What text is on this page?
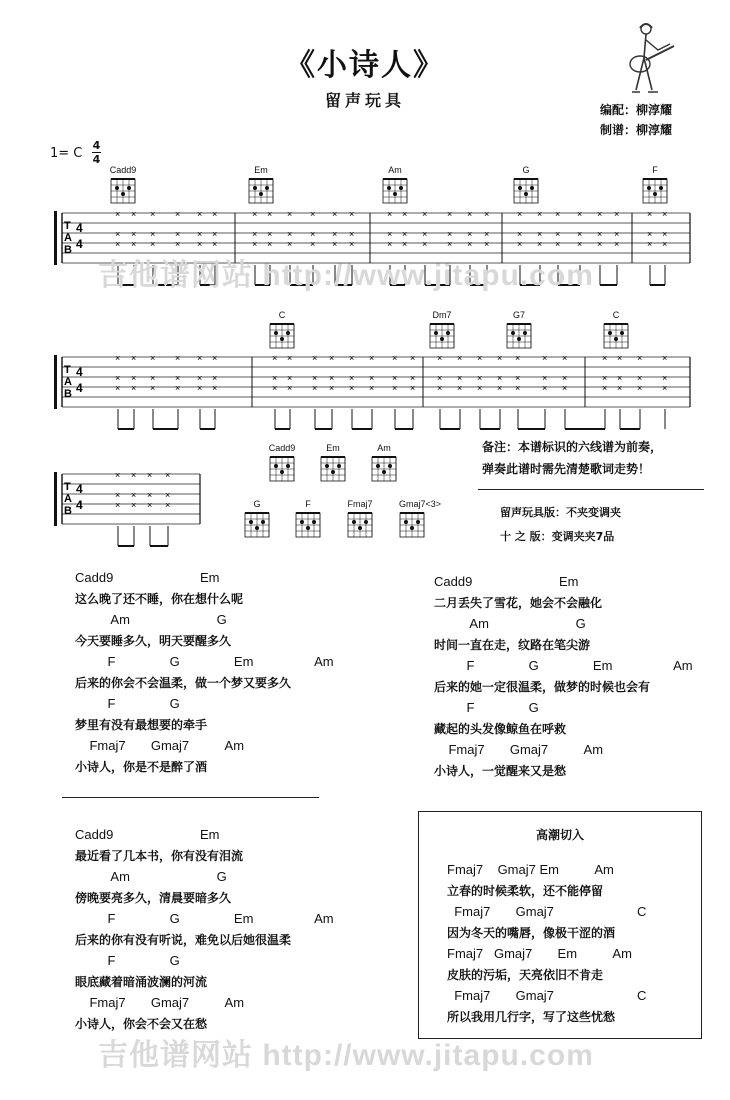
《小诗人》
留声玩具	编配：柳淳耀
制谱：柳淳耀
1= C
4
4
T
A
B
4
4
×
×
×
×
×
×
×
×
×
×
×
×
×
×
×
×
×
×
×
×
×
×
×
×
×
×
×
×
×
×
×
×
×
×
×
×
×
×
×
×
×
×
×
×
×
×
×
×
×
×
×
×
×
×
×
×
×
×
×
×
×
×
×
×
×
×
×
×
×
×
×
×
×
×
×
×
×
×
T
A
B
4
4
×
×
×
×
×
×
×
×
×
×
×
×
×
×
×
×
×
×
×
×
×
×
×
×
×
×
×
×
×
×
×
×
×
×
×
×
×
×
×
×
×
×
×
×
×
×
×
×
×
×
×
×
×
×
×
×
×
×
×
×
×
×
×
×
×
×
×
×
×
×
×
×
×
×
×
T
A
B
4
4
×
×
×
×
×
×
×
×
×
×
×
×
Cadd9	Em	Am	G	F
C	Dm7	G7	C
Cadd9	Em	Am
G	F	Fmaj7	Gmaj7<3>
吉他谱网站 http://www.jitapu.com
吉他谱网站 http://www.jitapu.com
备注：本谱标识的六线谱为前奏，
弹奏此谱时需先清楚歌词走势！
留声玩具版：不夹变调夹
十 之 版：变调夹夹7品
Cadd9                        Em
这么晚了还不睡，你在想什么呢
Am                        G
今天要睡多久，明天要醒多久
F               G               Em                 Am
后来的你会不会温柔，做一个梦又要多久
F               G
梦里有没有最想要的牵手
Fmaj7       Gmaj7          Am
小诗人，你是不是醉了酒
Cadd9                        Em
二月丢失了雪花，她会不会融化
Am                        G
时间一直在走，纹路在笔尖游
F               G               Em                 Am
后来的她一定很温柔，做梦的时候也会有
F               G
藏起的头发像鲸鱼在呼救
Fmaj7       Gmaj7          Am
小诗人，一觉醒来又是愁
Cadd9                        Em
最近看了几本书，你有没有泪流
Am                        G
傍晚要亮多久，清晨要暗多久
F               G               Em                 Am
后来的你有没有听说，难免以后她很温柔
F               G
眼底藏着暗涌波澜的河流
Fmaj7       Gmaj7          Am
小诗人，你会不会又在愁
高潮切入
Fmaj7    Gmaj7 Em          Am
立春的时候柔软，还不能停留
Fmaj7       Gmaj7                       C
因为冬天的嘴唇，像极干涩的酒
Fmaj7   Gmaj7       Em          Am
皮肤的污垢，天亮依旧不肯走
Fmaj7       Gmaj7                       C
所以我用几行字，写了这些忧愁
